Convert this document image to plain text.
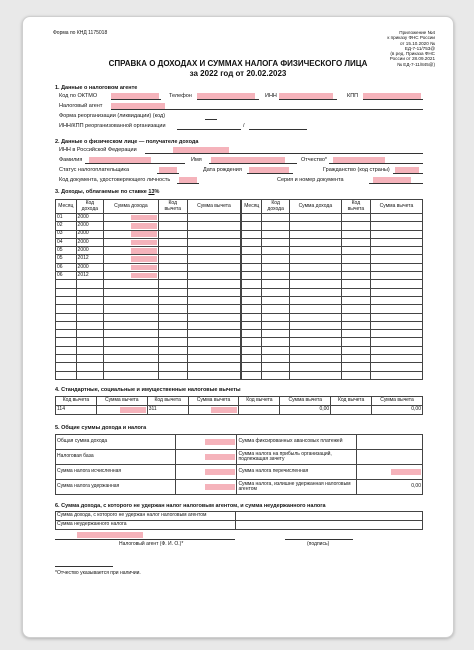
Форма по КНД 1175018	Приложение №4
к приказу ФНС России
от 15.10.2020 №
ЕД-7-11/753@
(в ред. Приказа ФНС
России от 28.09.2021
№ ЕД-7-11/845@)
СПРАВКА О ДОХОДАХ И СУММАХ НАЛОГА ФИЗИЧЕСКОГО ЛИЦА
за 2022 год от 20.02.2023
1. Данные о налоговом агенте
Код по ОКТМО	Телефон	ИНН	КПП
Налоговый агент
Форма реорганизации (ликвидации) (код)
ИНН/КПП реорганизованной организации	/
2. Данные о физическом лице — получателе дохода
ИНН в Российской Федерации
Фамилия	Имя	Отчество*
Статус налогоплательщика	Дата рождения	Гражданство (код страны)
Код документа, удостоверяющего личность	Серия и номер документа
3. Доходы, облагаемые по ставке 13%
Месяц	Код дохода	Сумма дохода	Код вычета	Сумма вычета
01	2000	

02	2000	

03	2000	

04	2000	

05	2000	

05	2012	

06	2000	

06	2012	

Месяц	Код дохода	Сумма дохода	Код вычета	Сумма вычета

4. Стандартные, социальные и имущественные налоговые вычеты
Код вычета	Сумма вычета	Код вычета	Сумма вычета	Код вычета	Сумма вычета	Код вычета	Сумма вычета
114		311			0,00		0,00
5. Общие суммы дохода и налога
Общая сумма дохода		Сумма фиксированных авансовых платежей	
Налоговая база		Сумма налога на прибыль организаций, подлежащая зачету	
Сумма налога исчисленная		Сумма налога перечисленная	

Сумма налога удержанная		Сумма налога, излишне удержанная налоговым агентом	0,00
6. Сумма дохода, с которого не удержан налог налоговым агентом, и сумма неудержанного налога
Сумма дохода, с которого не удержан налог налоговым агентом	
Сумма неудержанного налога	
Налоговый агент (Ф. И. О.)*	(подпись)
*Отчество указывается при наличии.
